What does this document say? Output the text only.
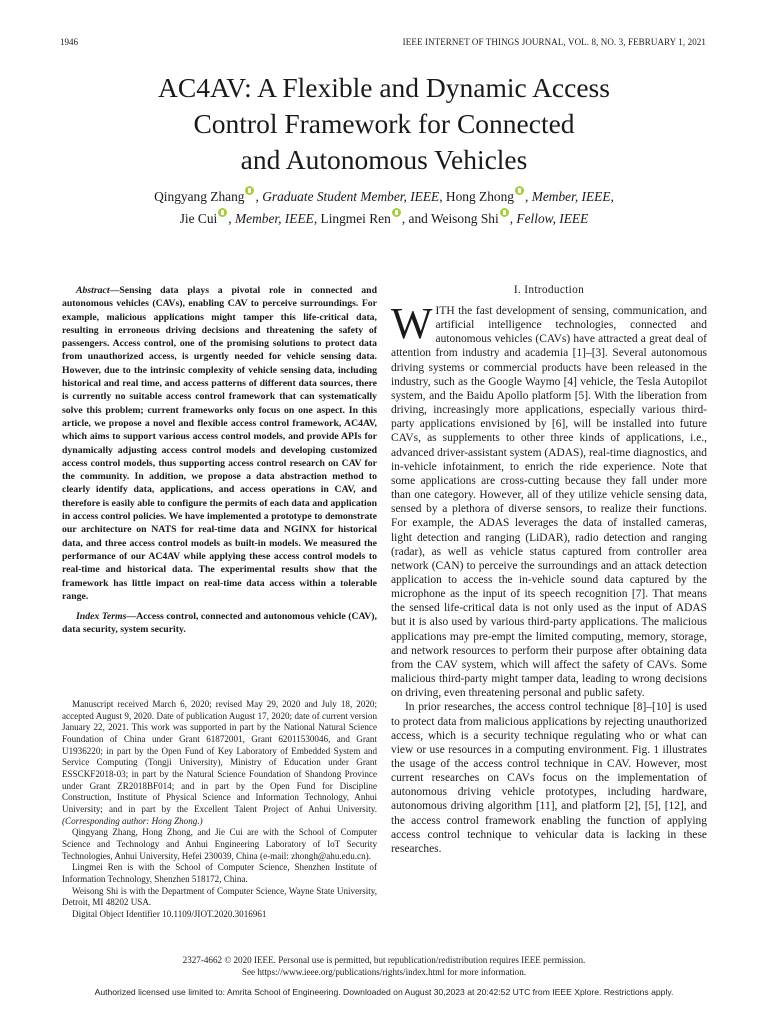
1946	IEEE INTERNET OF THINGS JOURNAL, VOL. 8, NO. 3, FEBRUARY 1, 2021
AC4AV: A Flexible and Dynamic Access
Control Framework for Connected
and Autonomous Vehicles
Qingyang Zhang , Graduate Student Member, IEEE, Hong Zhong , Member, IEEE,
Jie Cui , Member, IEEE, Lingmei Ren , and Weisong Shi , Fellow, IEEE

Abstract—Sensing data plays a pivotal role in connected and autonomous vehicles (CAVs), enabling CAV to perceive surroundings. For example, malicious applications might tamper this life-critical data, resulting in erroneous driving decisions and threatening the safety of passengers. Access control, one of the promising solutions to protect data from unauthorized access, is urgently needed for vehicle sensing data. However, due to the intrinsic complexity of vehicle sensing data, including historical and real time, and access patterns of different data sources, there is currently no suitable access control framework that can systematically solve this problem; current frameworks only focus on one aspect. In this article, we propose a novel and flexible access control framework, AC4AV, which aims to support various access control models, and provide APIs for dynamically adjusting access control models and developing customized access control models, thus supporting access control research on CAV for the community. In addition, we propose a data abstraction method to clearly identify data, applications, and access operations in CAV, and therefore is easily able to configure the permits of each data and application in access control policies. We have implemented a prototype to demonstrate our architecture on NATS for real-time data and NGINX for historical data, and three access control models as built-in models. We measured the performance of our AC4AV while applying these access control models to real-time and historical data. The experimental results show that the framework has little impact on real-time data access within a tolerable range.

Index Terms—Access control, connected and autonomous vehicle (CAV), data security, system security.

Manuscript received March 6, 2020; revised May 29, 2020 and July 18, 2020; accepted August 9, 2020. Date of publication August 17, 2020; date of current version January 22, 2021. This work was supported in part by the National Natural Science Foundation of China under Grant 61872001, Grant 62011530046, and Grant U1936220; in part by the Open Fund of Key Laboratory of Embedded System and Service Computing (Tongji University), Ministry of Education under Grant ESSCKF2018-03; in part by the Natural Science Foundation of Shandong Province under Grant ZR2018BF014; and in part by the Open Fund for Discipline Construction, Institute of Physical Science and Information Technology, Anhui University; and in part by the Excellent Talent Project of Anhui University. (Corresponding author: Hong Zhong.)

Qingyang Zhang, Hong Zhong, and Jie Cui are with the School of Computer Science and Technology and Anhui Engineering Laboratory of IoT Security Technologies, Anhui University, Hefei 230039, China (e-mail: zhongh@ahu.edu.cn).

Lingmei Ren is with the School of Computer Science, Shenzhen Institute of Information Technology, Shenzhen 518172, China.

Weisong Shi is with the Department of Computer Science, Wayne State University, Detroit, MI 48202 USA.

Digital Object Identifier 10.1109/JIOT.2020.3016961

I. Introduction

WITH the fast development of sensing, communication, and artificial intelligence technologies, connected and autonomous vehicles (CAVs) have attracted a great deal of attention from industry and academia [1]–[3]. Several autonomous driving systems or commercial products have been released in the industry, such as the Google Waymo [4] vehicle, the Tesla Autopilot system, and the Baidu Apollo platform [5]. With the liberation from driving, increasingly more applications, especially various third-party applications envisioned by [6], will be installed into future CAVs, as supplements to other three kinds of applications, i.e., advanced driver-assistant system (ADAS), real-time diagnostics, and in-vehicle infotainment, to enrich the ride experience. Note that some applications are cross-cutting because they fall under more than one category. However, all of they utilize vehicle sensing data, sensed by a plethora of diverse sensors, to realize their functions. For example, the ADAS leverages the data of installed cameras, light detection and ranging (LiDAR), radio detection and ranging (radar), as well as vehicle status captured from controller area network (CAN) to perceive the surroundings and an attack detection application to access the in-vehicle sound data captured by the microphone as the input of its speech recognition [7]. That means the sensed life-critical data is not only used as the input of ADAS but it is also used by various third-party applications. The malicious applications may pre-empt the limited computing, memory, storage, and network resources to perform their purpose after obtaining data from the CAV system, which will affect the safety of CAVs. Some malicious third-party might tamper data, leading to wrong decisions on driving, even threatening personal and public safety.

In prior researches, the access control technique [8]–[10] is used to protect data from malicious applications by rejecting unauthorized access, which is a security technique regulating who or what can view or use resources in a computing environment. Fig. 1 illustrates the usage of the access control technique in CAV. However, most current researches on CAVs focus on the implementation of autonomous driving vehicle prototypes, including hardware, autonomous driving algorithm [11], and platform [2], [5], [12], and the access control framework enabling the function of applying access control technique to vehicular data is lacking in these researches.

2327-4662 © 2020 IEEE. Personal use is permitted, but republication/redistribution requires IEEE permission.
See https://www.ieee.org/publications/rights/index.html for more information.
Authorized licensed use limited to: Amrita School of Engineering. Downloaded on August 30,2023 at 20:42:52 UTC from IEEE Xplore. Restrictions apply.
